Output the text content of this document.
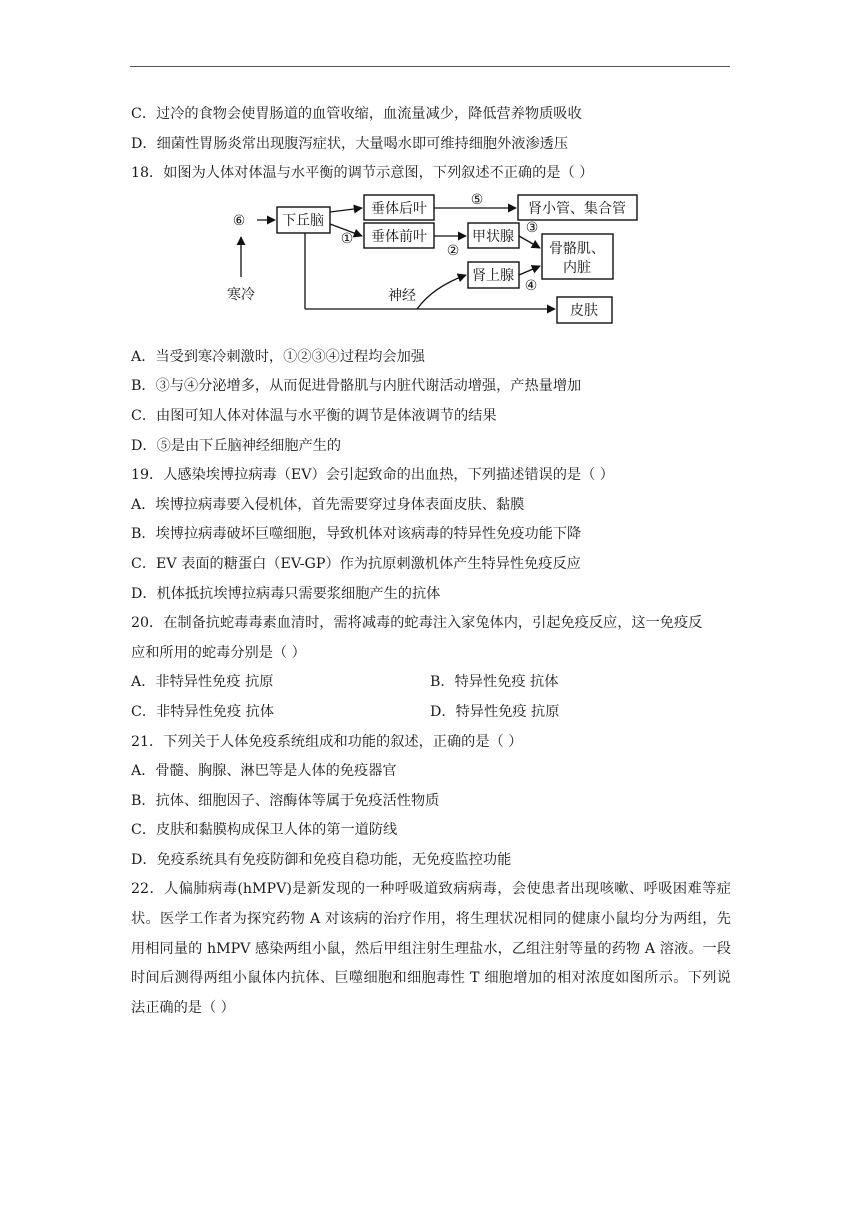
C．过冷的食物会使胃肠道的血管收缩，血流量减少，降低营养物质吸收
D．细菌性胃肠炎常出现腹泻症状，大量喝水即可维持细胞外液渗透压
18．如图为人体对体温与水平衡的调节示意图，下列叙述不正确的是（ ）
⑥
寒冷
下丘脑
垂体后叶
垂体前叶	甲状腺
肾上腺
肾小管、集合管
骨骼肌、
内脏
皮肤
神经
①
②
③
④
⑤
A．当受到寒冷刺激时，①②③④过程均会加强
B．③与④分泌增多，从而促进骨骼肌与内脏代谢活动增强，产热量增加
C．由图可知人体对体温与水平衡的调节是体液调节的结果
D．⑤是由下丘脑神经细胞产生的
19．人感染埃博拉病毒（EV）会引起致命的出血热，下列描述错误的是（ ）
A．埃博拉病毒要入侵机体，首先需要穿过身体表面皮肤、黏膜
B．埃博拉病毒破坏巨噬细胞，导致机体对该病毒的特异性免疫功能下降
C．EV 表面的糖蛋白（EV-GP）作为抗原刺激机体产生特异性免疫反应
D．机体抵抗埃博拉病毒只需要浆细胞产生的抗体
20．在制备抗蛇毒毒素血清时，需将减毒的蛇毒注入家兔体内，引起免疫反应，这一免疫反
应和所用的蛇毒分别是（ ）
A．非特异性免疫 抗原	B．特异性免疫 抗体
C．非特异性免疫 抗体	D．特异性免疫 抗原
21．下列关于人体免疫系统组成和功能的叙述，正确的是（ ）
A．骨髓、胸腺、淋巴等是人体的免疫器官
B．抗体、细胞因子、溶酶体等属于免疫活性物质
C．皮肤和黏膜构成保卫人体的第一道防线
D．免疫系统具有免疫防御和免疫自稳功能，无免疫监控功能
22．人偏肺病毒(hMPV)是新发现的一种呼吸道致病病毒，会使患者出现咳嗽、呼吸困难等症状。医学工作者为探究药物 A 对该病的治疗作用，将生理状况相同的健康小鼠均分为两组，先用相同量的 hMPV 感染两组小鼠，然后甲组注射生理盐水，乙组注射等量的药物 A 溶液。一段时间后测得两组小鼠体内抗体、巨噬细胞和细胞毒性 T 细胞增加的相对浓度如图所示。下列说法正确的是（ ）
